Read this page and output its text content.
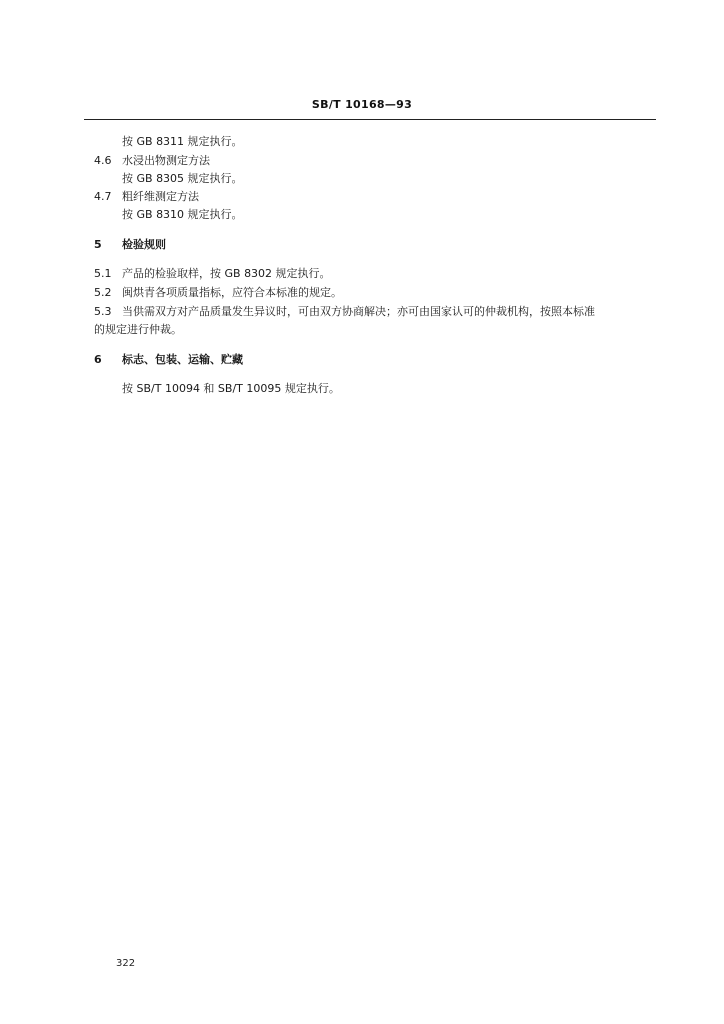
SB/T 10168—93
按 GB 8311 规定执行。
4.6 水浸出物测定方法
按 GB 8305 规定执行。
4.7 粗纤维测定方法
按 GB 8310 规定执行。
5 检验规则
5.1 产品的检验取样，按 GB 8302 规定执行。
5.2 闽烘青各项质量指标，应符合本标准的规定。
5.3 当供需双方对产品质量发生异议时，可由双方协商解决；亦可由国家认可的仲裁机构，按照本标准
的规定进行仲裁。
6 标志、包装、运输、贮藏
按 SB/T 10094 和 SB/T 10095 规定执行。
322
